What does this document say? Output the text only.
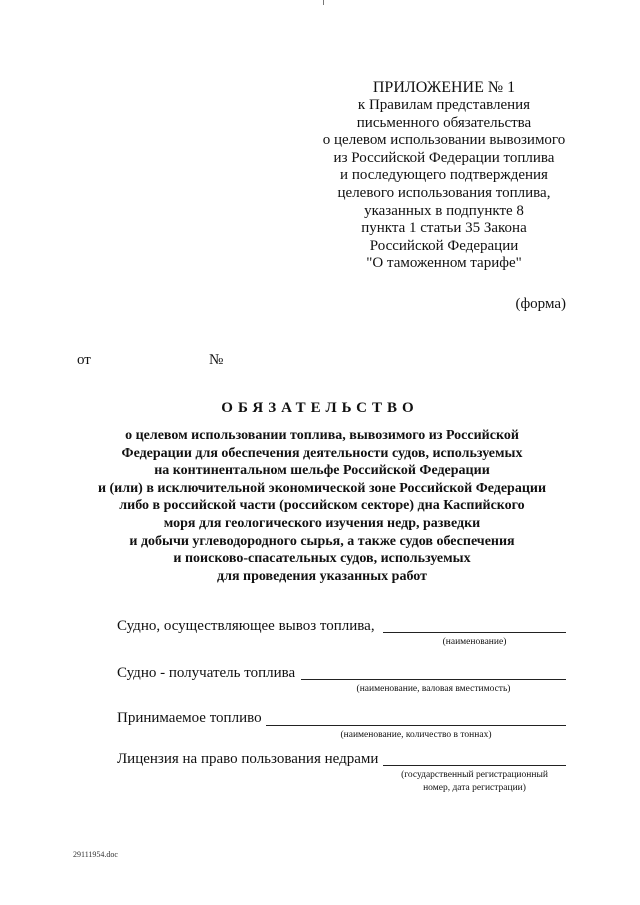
ПРИЛОЖЕНИЕ № 1
к Правилам представления
письменного обязательства
о целевом использовании вывозимого
из Российской Федерации топлива
и последующего подтверждения
целевого использования топлива,
указанных в подпункте 8
пункта 1 статьи 35 Закона
Российской Федерации
"О таможенном тарифе"
(форма)
от	№
ОБЯЗАТЕЛЬСТВО
о целевом использовании топлива, вывозимого из Российской
Федерации для обеспечения деятельности судов, используемых
на континентальном шельфе Российской Федерации
и (или) в исключительной экономической зоне Российской Федерации
либо в российской части (российском секторе) дна Каспийского
моря для геологического изучения недр, разведки
и добычи углеводородного сырья, а также судов обеспечения
и поисково-спасательных судов, используемых
для проведения указанных работ
Судно, осуществляющее вывоз топлива,
(наименование)
Судно - получатель топлива
(наименование, валовая вместимость)
Принимаемое топливо
(наименование, количество в тоннах)
Лицензия на право пользования недрами
(государственный регистрационный
номер, дата регистрации)
29111954.doc
